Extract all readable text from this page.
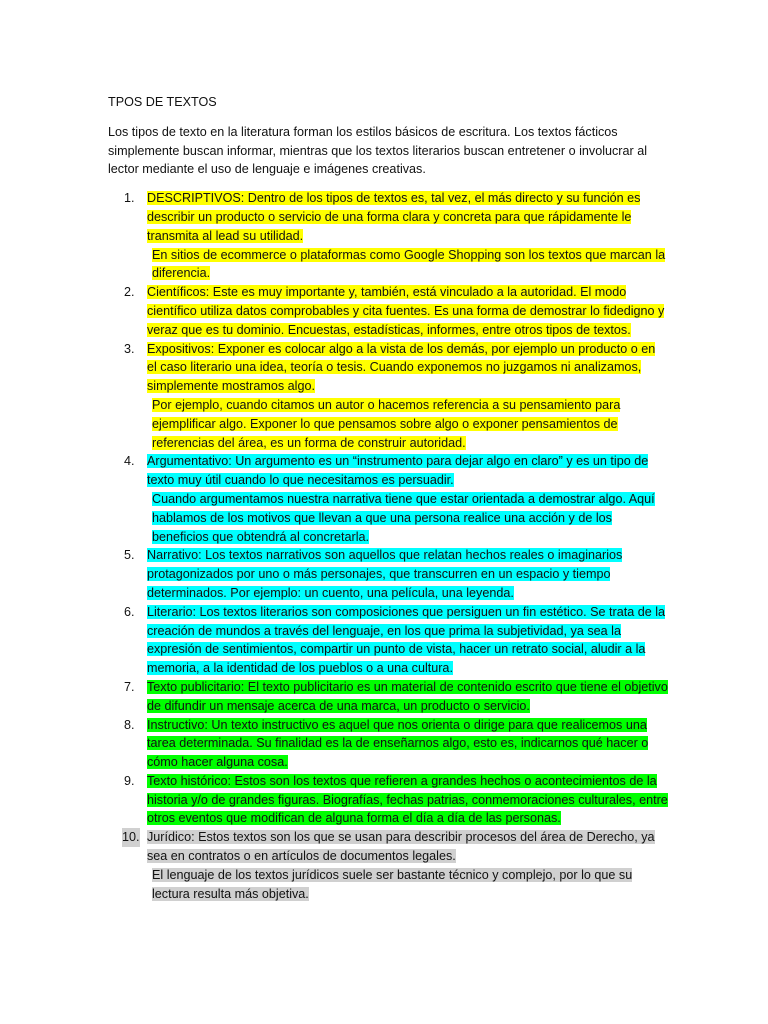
TPOS DE TEXTOS

Los tipos de texto en la literatura forman los estilos básicos de escritura. Los textos fácticos simplemente buscan informar, mientras que los textos literarios buscan entretener o involucrar al lector mediante el uso de lenguaje e imágenes creativas.

1. DESCRIPTIVOS: Dentro de los tipos de textos es, tal vez, el más directo y su función es describir un producto o servicio de una forma clara y concreta para que rápidamente le transmita al lead su utilidad.
En sitios de ecommerce o plataformas como Google Shopping son los textos que marcan la diferencia.
2. Científicos: Este es muy importante y, también, está vinculado a la autoridad. El modo científico utiliza datos comprobables y cita fuentes. Es una forma de demostrar lo fidedigno y veraz que es tu dominio. Encuestas, estadísticas, informes, entre otros tipos de textos.
3. Expositivos: Exponer es colocar algo a la vista de los demás, por ejemplo un producto o en el caso literario una idea, teoría o tesis. Cuando exponemos no juzgamos ni analizamos, simplemente mostramos algo.
Por ejemplo, cuando citamos un autor o hacemos referencia a su pensamiento para ejemplificar algo. Exponer lo que pensamos sobre algo o exponer pensamientos de referencias del área, es un forma de construir autoridad.
4. Argumentativo: Un argumento es un “instrumento para dejar algo en claro” y es un tipo de texto muy útil cuando lo que necesitamos es persuadir.
Cuando argumentamos nuestra narrativa tiene que estar orientada a demostrar algo. Aquí hablamos de los motivos que llevan a que una persona realice una acción y de los beneficios que obtendrá al concretarla.
5. Narrativo: Los textos narrativos son aquellos que relatan hechos reales o imaginarios protagonizados por uno o más personajes, que transcurren en un espacio y tiempo determinados. Por ejemplo: un cuento, una película, una leyenda.
6. Literario: Los textos literarios son composiciones que persiguen un fin estético. Se trata de la creación de mundos a través del lenguaje, en los que prima la subjetividad, ya sea la expresión de sentimientos, compartir un punto de vista, hacer un retrato social, aludir a la memoria, a la identidad de los pueblos o a una cultura.
7. Texto publicitario: El texto publicitario es un material de contenido escrito que tiene el objetivo de difundir un mensaje acerca de una marca, un producto o servicio.
8. Instructivo: Un texto instructivo es aquel que nos orienta o dirige para que realicemos una tarea determinada. Su finalidad es la de enseñarnos algo, esto es, indicarnos qué hacer o cómo hacer alguna cosa.
9. Texto histórico: Estos son los textos que refieren a grandes hechos o acontecimientos de la historia y/o de grandes figuras. Biografías, fechas patrias, conmemoraciones culturales, entre otros eventos que modifican de alguna forma el día a día de las personas.
10. Jurídico: Estos textos son los que se usan para describir procesos del área de Derecho, ya sea en contratos o en artículos de documentos legales.
El lenguaje de los textos jurídicos suele ser bastante técnico y complejo, por lo que su lectura resulta más objetiva.
